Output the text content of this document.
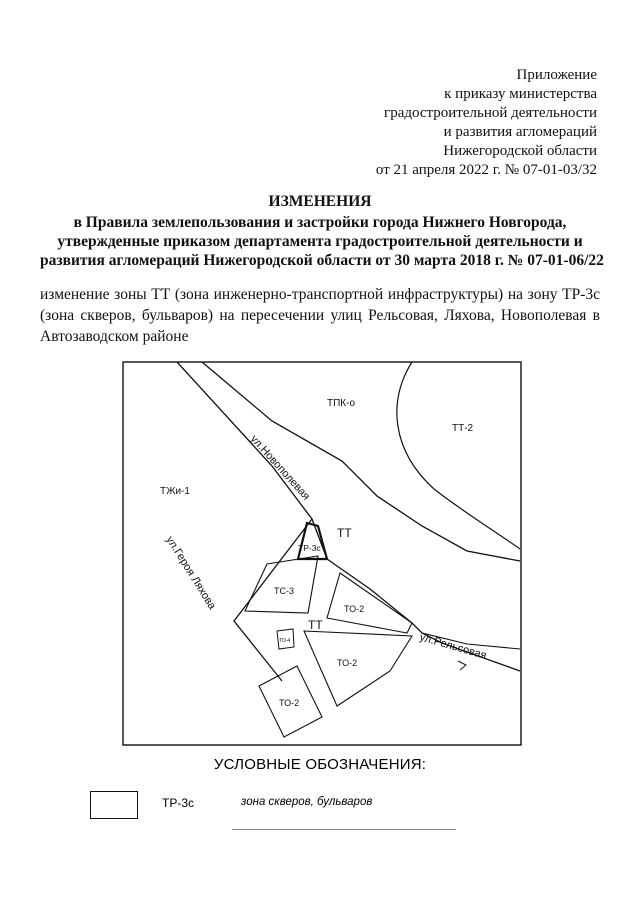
Приложение
к приказу министерства
градостроительной деятельности
и развития агломераций
Нижегородской области
от 21 апреля 2022 г. № 07-01-03/32
ИЗМЕНЕНИЯ
в Правила землепользования и застройки города Нижнего Новгорода,
утвержденные приказом департамента градостроительной деятельности и
развития агломераций Нижегородской области от 30 марта 2018 г. № 07-01-06/22
изменение зоны ТТ (зона инженерно-транспортной инфраструктуры) на зону ТР-3с (зона скверов, бульваров) на пересечении улиц Рельсовая, Ляхова, Новополевая в Автозаводском районе
ТПК-о
ТТ-2
ТЖи-1
ТТ
ТР-3с
ТС-3
ТО-2
ТТ
ТО-4
ТО-2
ТО-2
ул.Новополевая
ул.Героя Ляхова
ул.Рельсовая
УСЛОВНЫЕ ОБОЗНАЧЕНИЯ:
ТР-3с	зона скверов, бульваров
